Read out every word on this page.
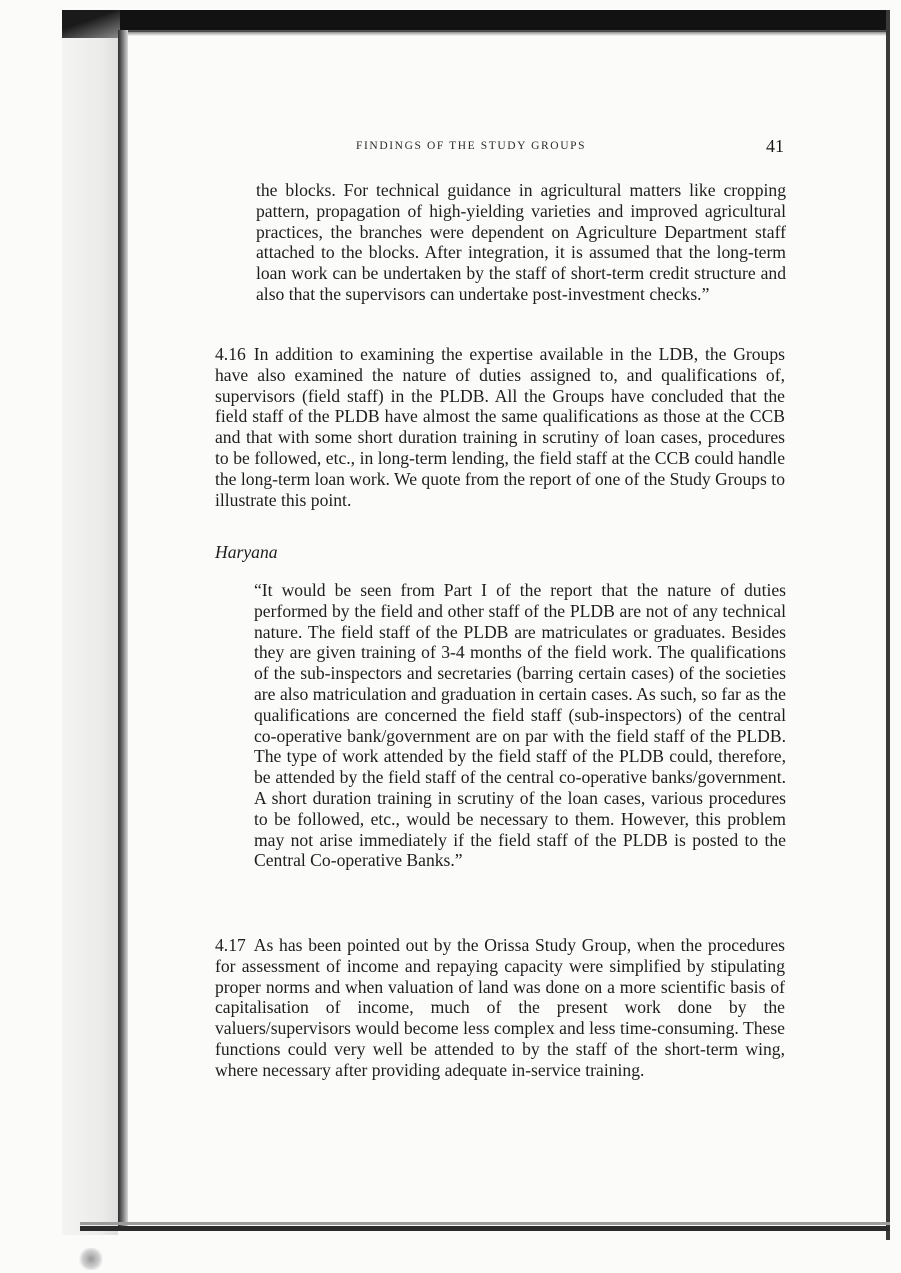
FINDINGS OF THE STUDY GROUPS	41

the blocks. For technical guidance in agricultural matters like cropping pattern, propagation of high-yielding varieties and improved agricultural practices, the branches were dependent on Agriculture Department staff attached to the blocks. After integration, it is assumed that the long-term loan work can be undertaken by the staff of short-term credit structure and also that the supervisors can undertake post-investment checks.”

4.16 In addition to examining the expertise available in the LDB, the Groups have also examined the nature of duties assigned to, and qualifications of, supervisors (field staff) in the PLDB. All the Groups have concluded that the field staff of the PLDB have almost the same qualifications as those at the CCB and that with some short duration training in scrutiny of loan cases, procedures to be followed, etc., in long-term lending, the field staff at the CCB could handle the long-term loan work. We quote from the report of one of the Study Groups to illustrate this point.

Haryana

“It would be seen from Part I of the report that the nature of duties performed by the field and other staff of the PLDB are not of any technical nature. The field staff of the PLDB are matriculates or graduates. Besides they are given training of 3-4 months of the field work. The qualifications of the sub-inspectors and secretaries (barring certain cases) of the societies are also matriculation and graduation in certain cases. As such, so far as the qualifications are concerned the field staff (sub-inspectors) of the central co-operative bank/government are on par with the field staff of the PLDB. The type of work attended by the field staff of the PLDB could, therefore, be attended by the field staff of the central co-operative banks/government. A short duration training in scrutiny of the loan cases, various procedures to be followed, etc., would be necessary to them. However, this problem may not arise immediately if the field staff of the PLDB is posted to the Central Co-operative Banks.”

4.17 As has been pointed out by the Orissa Study Group, when the procedures for assessment of income and repaying capacity were simplified by stipulating proper norms and when valuation of land was done on a more scientific basis of capitalisation of income, much of the present work done by the valuers/supervisors would become less complex and less time-consuming. These functions could very well be attended to by the staff of the short-term wing, where necessary after providing adequate in-service training.
